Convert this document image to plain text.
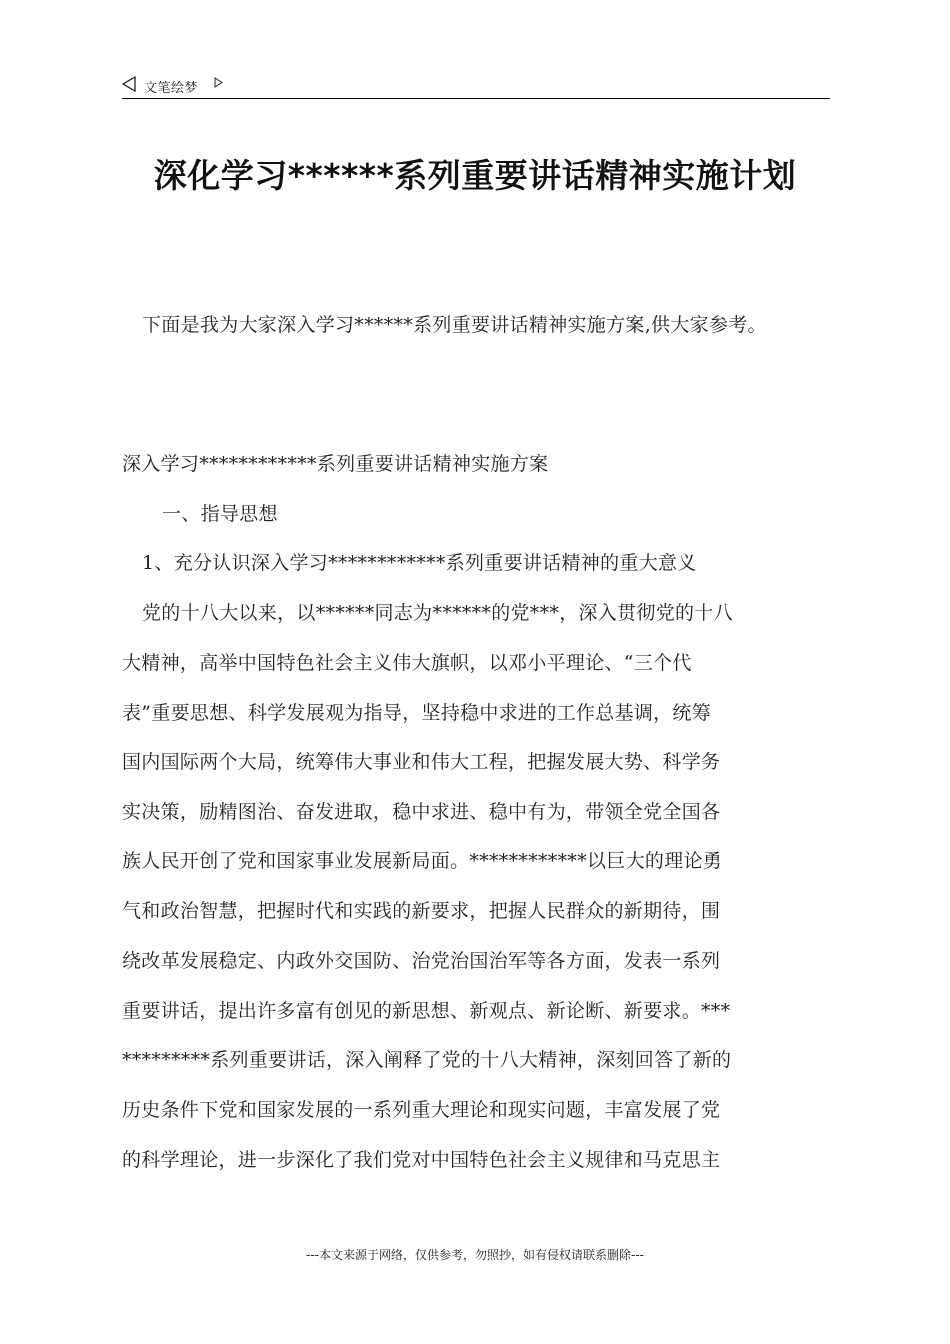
文笔绘梦
深化学习******系列重要讲话精神实施计划
下面是我为大家深入学习******系列重要讲话精神实施方案,供大家参考。
深入学习************系列重要讲话精神实施方案
一、指导思想
1、充分认识深入学习************系列重要讲话精神的重大意义
党的十八大以来，以******同志为******的党***，深入贯彻党的十八
大精神，高举中国特色社会主义伟大旗帜，以邓小平理论、“三个代
表”重要思想、科学发展观为指导，坚持稳中求进的工作总基调，统筹
国内国际两个大局，统筹伟大事业和伟大工程，把握发展大势、科学务
实决策，励精图治、奋发进取，稳中求进、稳中有为，带领全党全国各
族人民开创了党和国家事业发展新局面。************以巨大的理论勇
气和政治智慧，把握时代和实践的新要求，把握人民群众的新期待，围
绕改革发展稳定、内政外交国防、治党治国治军等各方面，发表一系列
重要讲话，提出许多富有创见的新思想、新观点、新论断、新要求。***
*********系列重要讲话，深入阐释了党的十八大精神，深刻回答了新的
历史条件下党和国家发展的一系列重大理论和现实问题，丰富发展了党
的科学理论，进一步深化了我们党对中国特色社会主义规律和马克思主
---本文来源于网络，仅供参考，勿照抄，如有侵权请联系删除---
